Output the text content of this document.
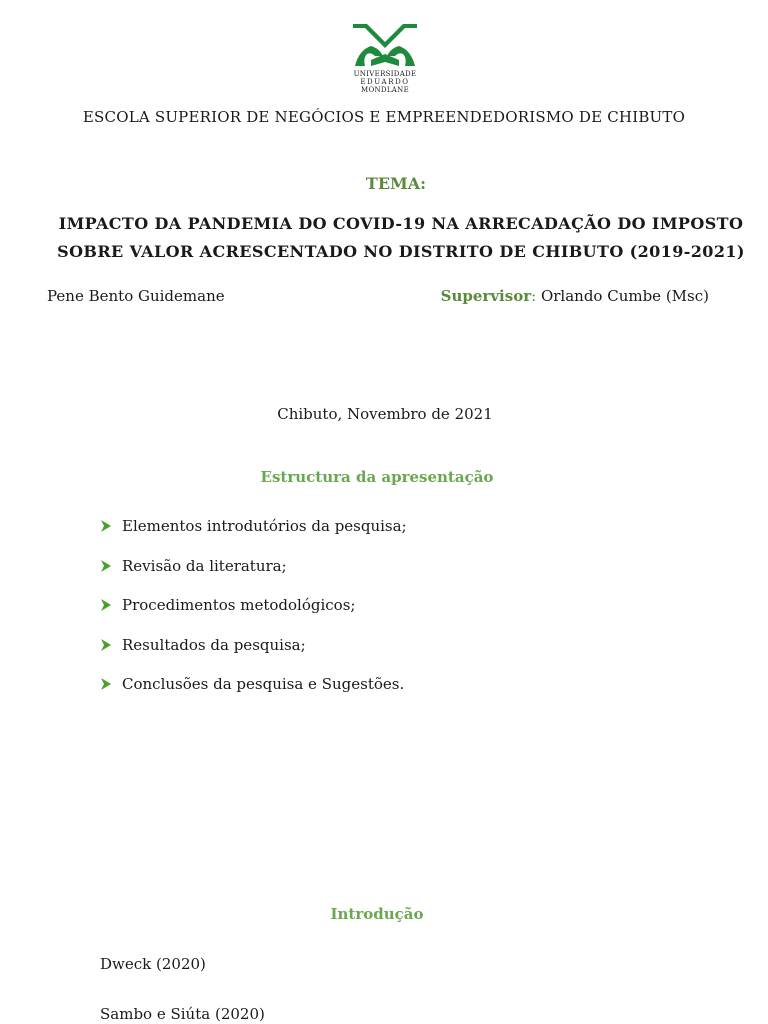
UNIVERSIDADE
EDUARDO
MONDLANE
ESCOLA SUPERIOR DE NEGÓCIOS E EMPREENDEDORISMO DE CHIBUTO
TEMA:
IMPACTO DA PANDEMIA DO COVID-19 NA ARRECADAÇÃO DO IMPOSTO
SOBRE VALOR ACRESCENTADO NO DISTRITO DE CHIBUTO (2019-2021)
Pene Bento Guidemane	Supervisor: Orlando Cumbe (Msc)
Chibuto, Novembro de 2021
Estructura da apresentação
Elementos introdutórios da pesquisa;
Revisão da literatura;
Procedimentos metodológicos;
Resultados da pesquisa;
Conclusões da pesquisa e Sugestões.
Introdução
Dweck (2020)
Sambo e Siúta (2020)
